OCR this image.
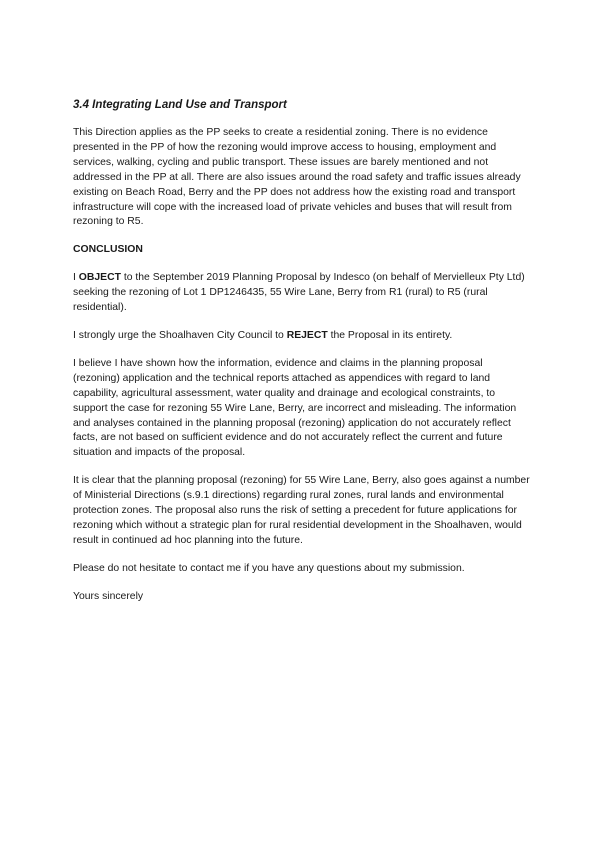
3.4 Integrating Land Use and Transport

This Direction applies as the PP seeks to create a residential zoning. There is no evidence presented in the PP of how the rezoning would improve access to housing, employment and services, walking, cycling and public transport. These issues are barely mentioned and not addressed in the PP at all. There are also issues around the road safety and traffic issues already existing on Beach Road, Berry and the PP does not address how the existing road and transport infrastructure will cope with the increased load of private vehicles and buses that will result from rezoning to R5.

CONCLUSION

I OBJECT to the September 2019 Planning Proposal by Indesco (on behalf of Mervielleux Pty Ltd) seeking the rezoning of Lot 1 DP1246435, 55 Wire Lane, Berry from R1 (rural) to R5 (rural residential).

I strongly urge the Shoalhaven City Council to REJECT the Proposal in its entirety.

I believe I have shown how the information, evidence and claims in the planning proposal (rezoning) application and the technical reports attached as appendices with regard to land capability, agricultural assessment, water quality and drainage and ecological constraints, to support the case for rezoning 55 Wire Lane, Berry, are incorrect and misleading. The information and analyses contained in the planning proposal (rezoning) application do not accurately reflect facts, are not based on sufficient evidence and do not accurately reflect the current and future situation and impacts of the proposal.

It is clear that the planning proposal (rezoning) for 55 Wire Lane, Berry, also goes against a number of Ministerial Directions (s.9.1 directions) regarding rural zones, rural lands and environmental protection zones. The proposal also runs the risk of setting a precedent for future applications for rezoning which without a strategic plan for rural residential development in the Shoalhaven, would result in continued ad hoc planning into the future.

Please do not hesitate to contact me if you have any questions about my submission.

Yours sincerely
